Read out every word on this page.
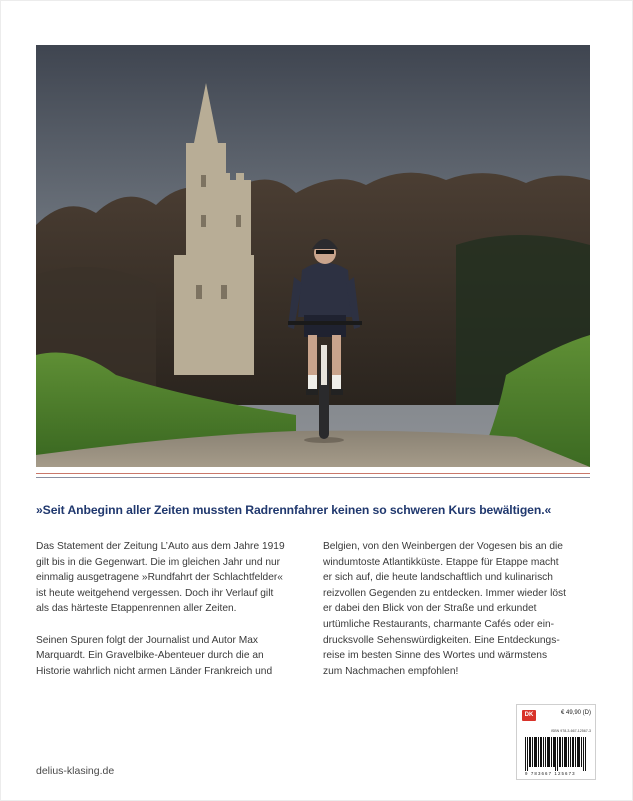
»Seit Anbeginn aller Zeiten mussten Radrennfahrer keinen so schweren Kurs bewältigen.«

Das Statement der Zeitung L’Auto aus dem Jahre 1919
gilt bis in die Gegenwart. Die im gleichen Jahr und nur
einmalig ausgetragene »Rundfahrt der Schlachtfelder«
ist heute weitgehend vergessen. Doch ihr Verlauf gilt
als das härteste Etappenrennen aller Zeiten.

Seinen Spuren folgt der Journalist und Autor Max
Marquardt. Ein Gravelbike-Abenteuer durch die an
Historie wahrlich nicht armen Länder Frankreich und

Belgien, von den Weinbergen der Vogesen bis an die
windumtoste Atlantikküste. Etappe für Etappe macht
er sich auf, die heute landschaftlich und kulinarisch
reizvollen Gegenden zu entdecken. Immer wieder löst
er dabei den Blick von der Straße und erkundet
urtümliche Restaurants, charmante Cafés oder ein-
drucksvolle Sehenswürdigkeiten. Eine Entdeckungs-
reise im besten Sinne des Wortes und wärmstens
zum Nachmachen empfohlen!

delius-klasing.de
DK	€ 49,90 (D)
ISBN 978-3-667-12567-3
9 783667 125673
